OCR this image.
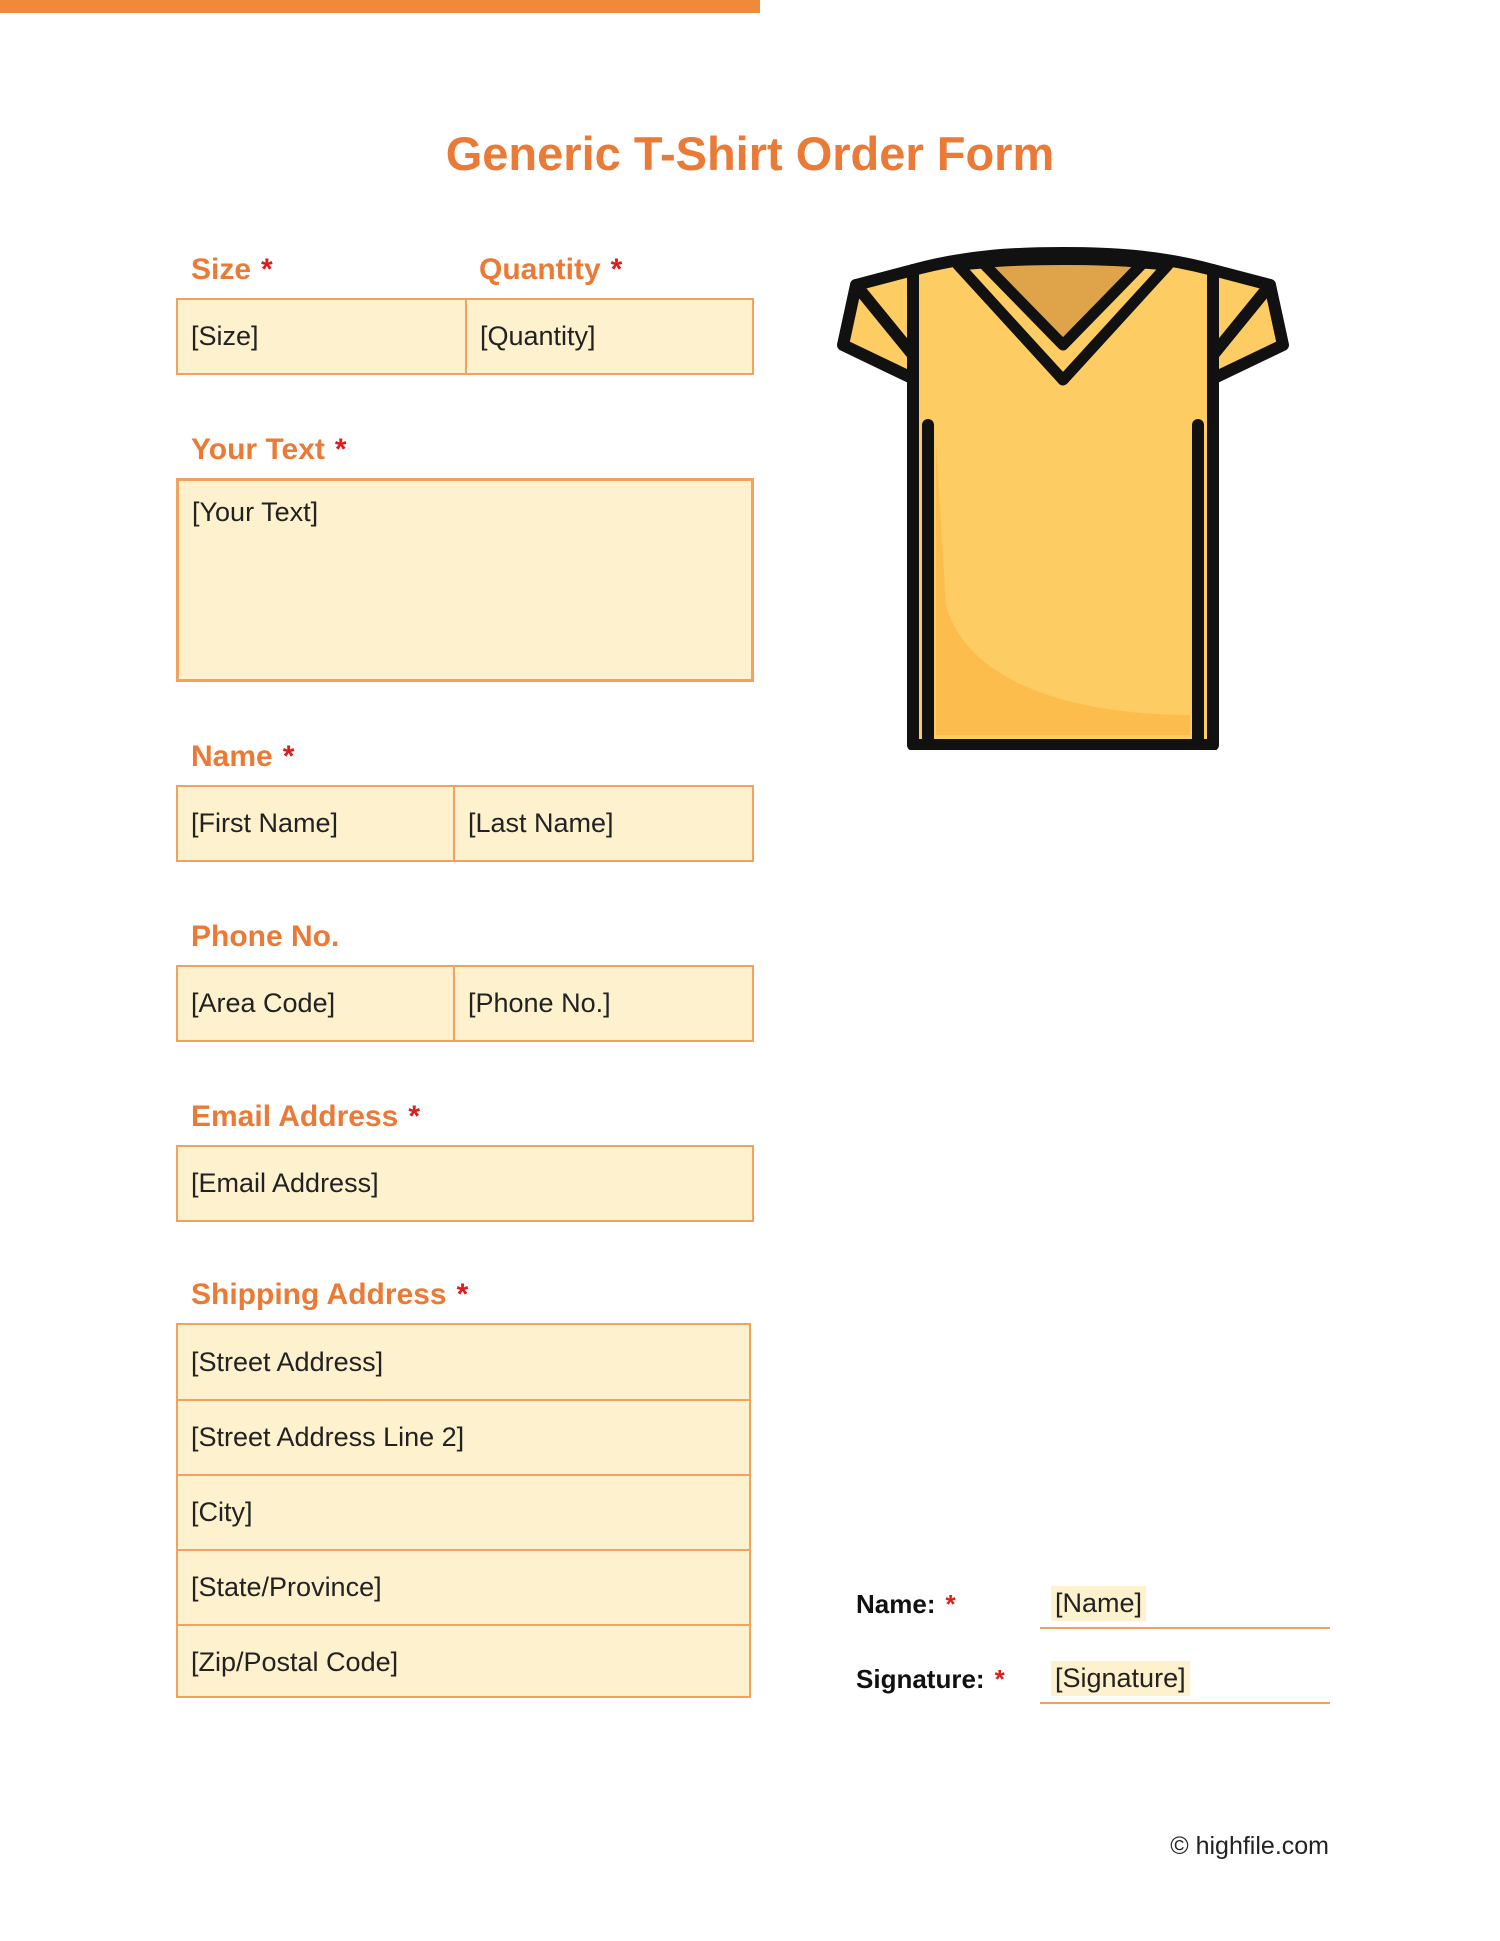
Generic T-Shirt Order Form
Size *	Quantity *
[Size]	[Quantity]
Your Text *
[Your Text]
Name *
[First Name]	[Last Name]
Phone No.
[Area Code]	[Phone No.]
Email Address *
[Email Address]
Shipping Address *
[Street Address]
[Street Address Line 2]
[City]
[State/Province]
[Zip/Postal Code]
Name: *	[Name]
Signature: * [Signature]
© highfile.com
